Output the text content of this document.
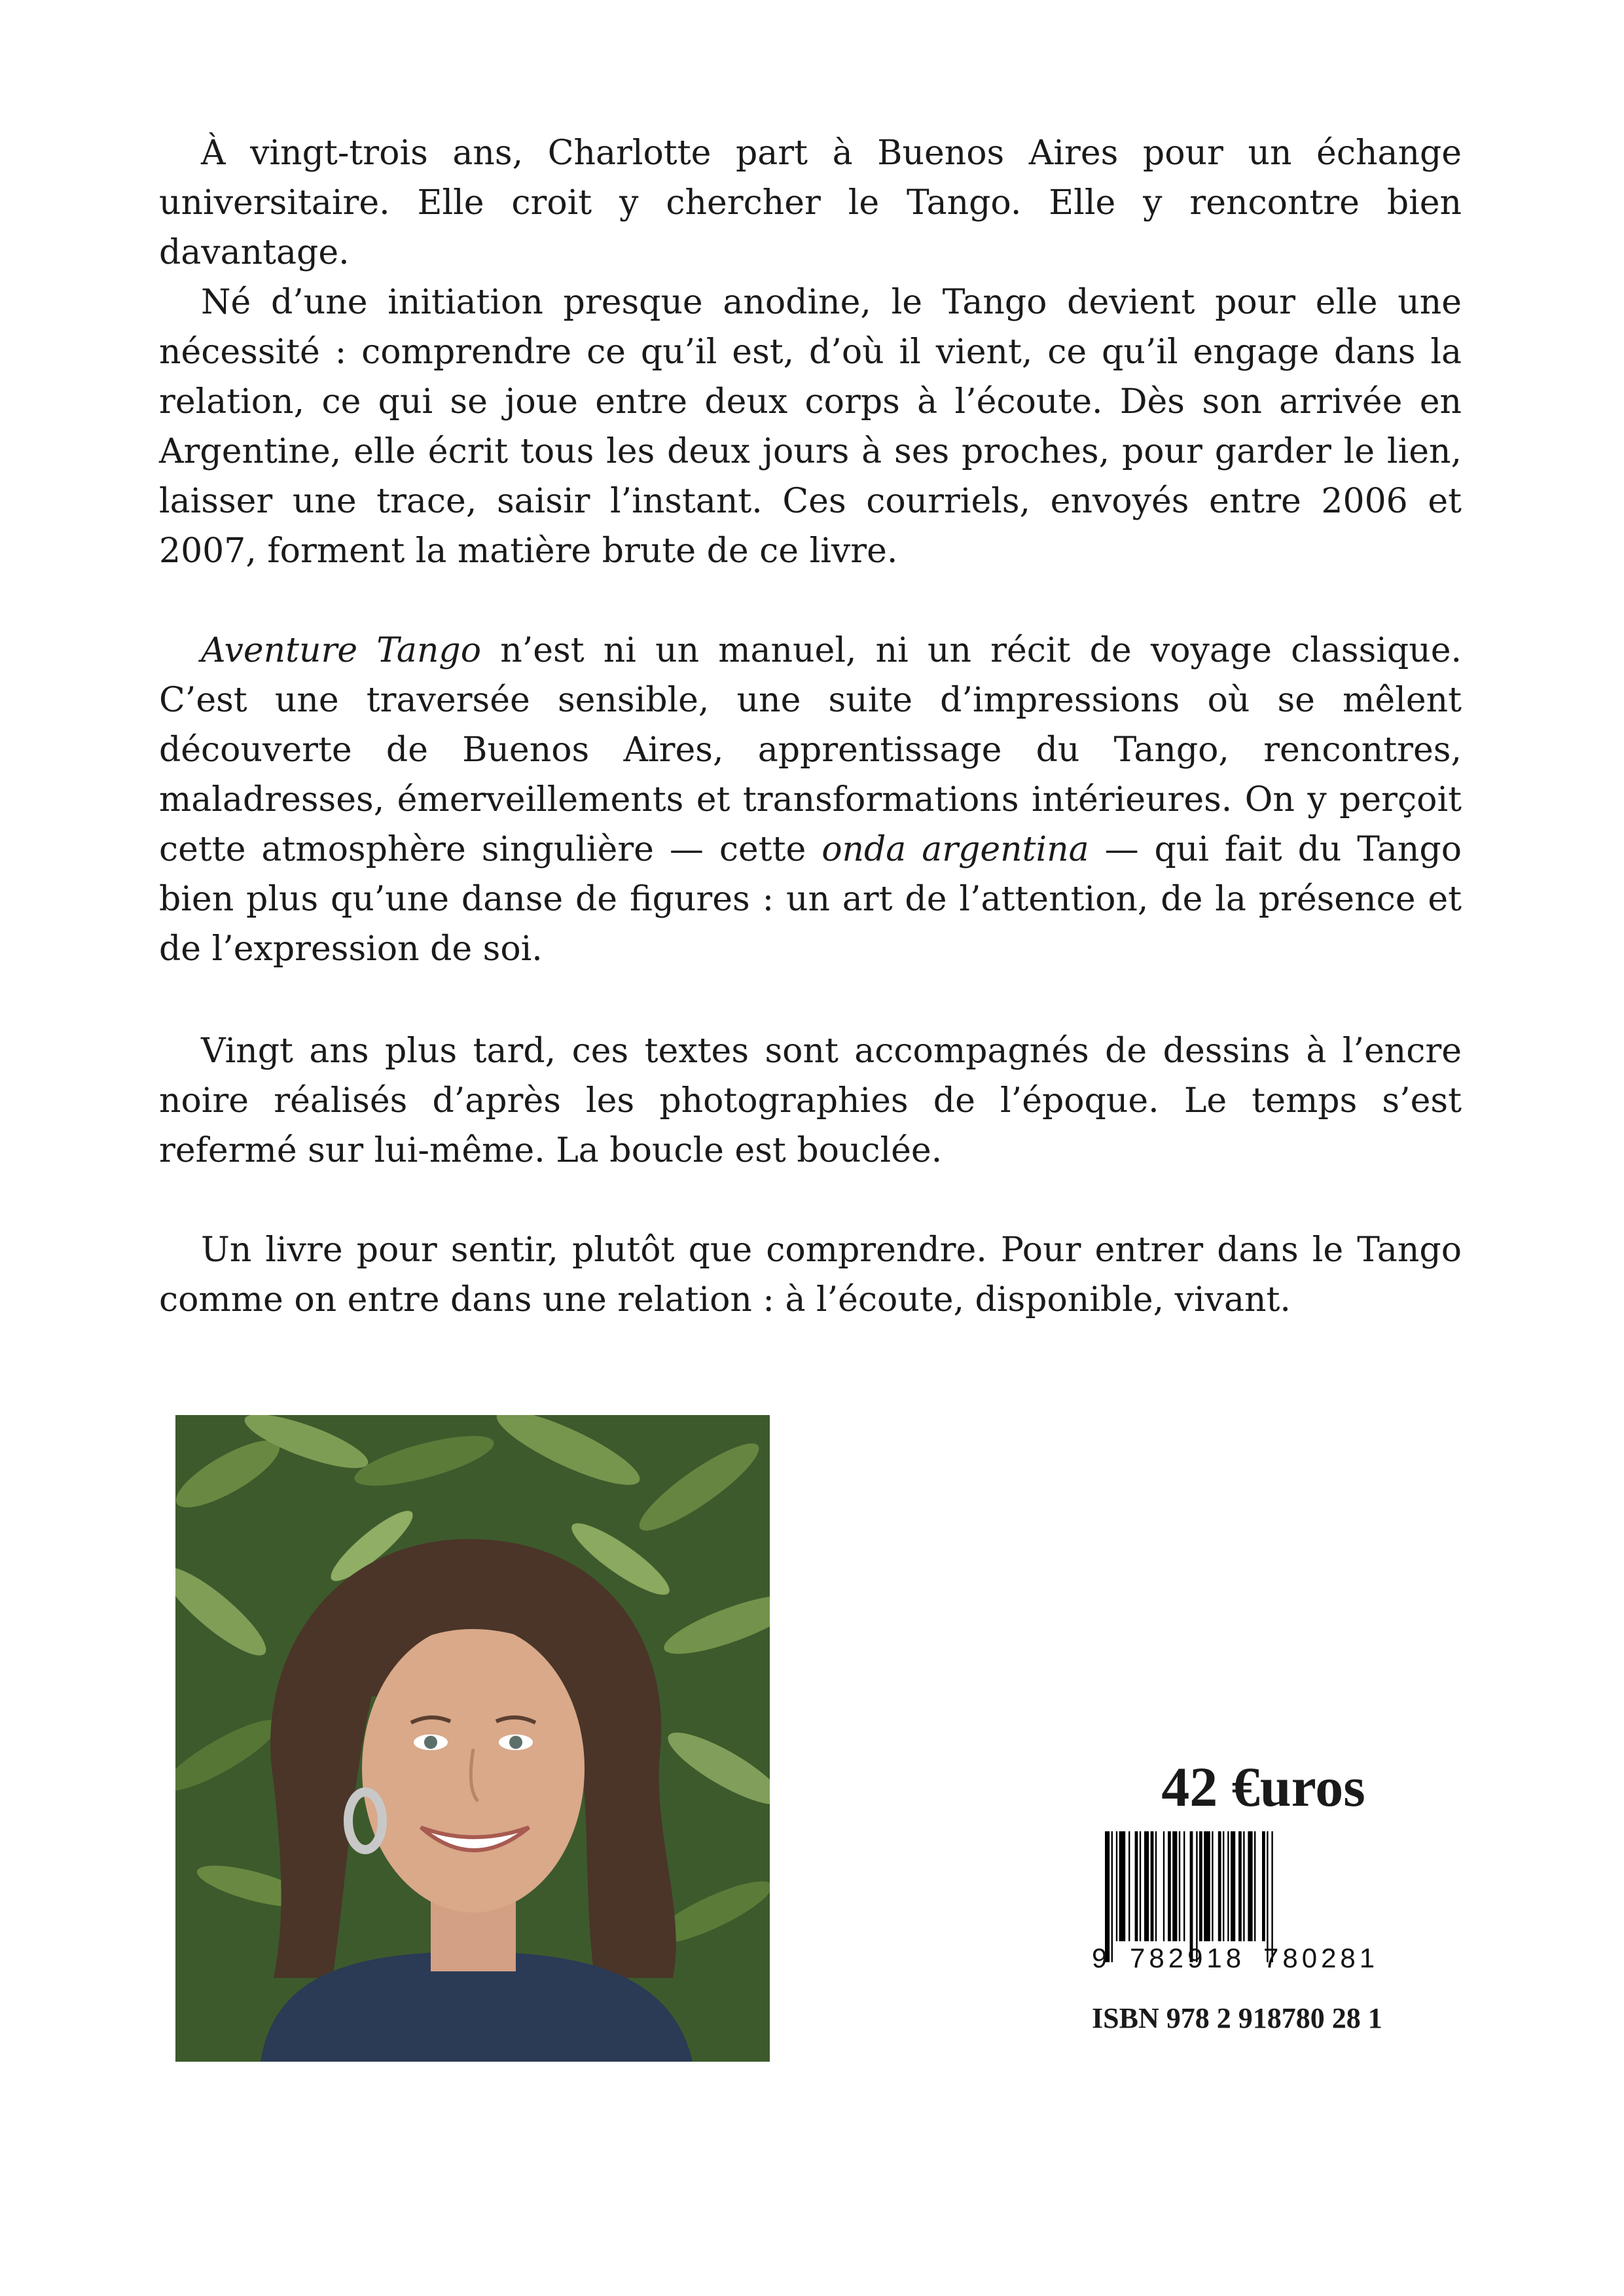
À vingt-trois ans, Charlotte part à Buenos Aires pour un échange universitaire. Elle croit y chercher le Tango. Elle y rencontre bien davantage.

Né d’une initiation presque anodine, le Tango devient pour elle une nécessité : comprendre ce qu’il est, d’où il vient, ce qu’il engage dans la relation, ce qui se joue entre deux corps à l’écoute. Dès son arrivée en Argentine, elle écrit tous les deux jours à ses proches, pour garder le lien, laisser une trace, saisir l’instant. Ces courriels, envoyés entre 2006 et 2007, forment la matière brute de ce livre.

Aventure Tango n’est ni un manuel, ni un récit de voyage classique. C’est une traversée sensible, une suite d’impressions où se mêlent découverte de Buenos Aires, apprentissage du Tango, rencontres, maladresses, émerveillements et transformations intérieures. On y perçoit cette atmosphère singulière — cette onda argentina — qui fait du Tango bien plus qu’une danse de figures : un art de l’attention, de la présence et de l’expression de soi.

Vingt ans plus tard, ces textes sont accompagnés de dessins à l’encre noire réalisés d’après les photographies de l’époque. Le temps s’est refermé sur lui-même. La boucle est bouclée.

Un livre pour sentir, plutôt que comprendre. Pour entrer dans le Tango comme on entre dans une relation : à l’écoute, disponible, vivant.

42 €uros
9 782918 780281
ISBN 978 2 918780 28 1
